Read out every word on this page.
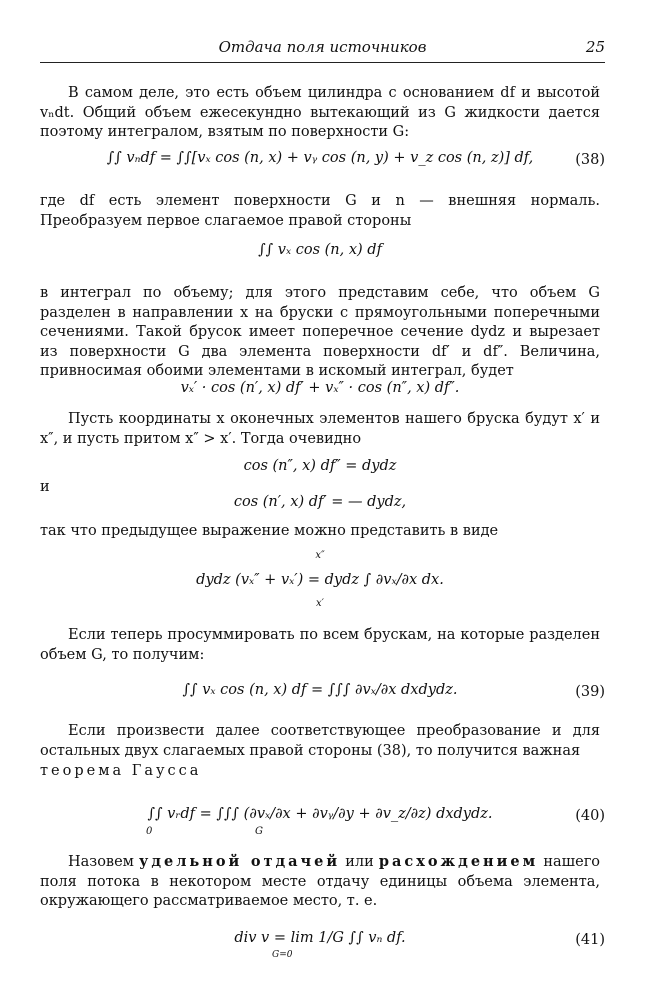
Отдача поля источников	25

В самом деле, это есть объем цилиндра с основанием df и высотой vₙdt. Общий объем ежесекундно вытекающий из G жидкости дается поэтому интегралом, взятым по поверхности G:

∫∫ vₙdf = ∫∫[vₓ cos (n, x) + vᵧ cos (n, y) + v_z cos (n, z)] df,	(38)

где df есть элемент поверхности G и n — внешняя нормаль. Преобразуем первое слагаемое правой стороны

∫∫ vₓ cos (n, x) df

в интеграл по объему; для этого представим себе, что объем G разделен в направлении x на бруски с прямоугольными поперечными сечениями. Такой брусок имеет поперечное сечение dydz и вырезает из поверхности G два элемента поверхности df′ и df″. Величина, привносимая обоими элементами в искомый интеграл, будет

vₓ′ · cos (n′, x) df′ + vₓ″ · cos (n″, x) df″.

Пусть координаты x оконечных элементов нашего бруска будут x′ и x″, и пусть притом x″ > x′. Тогда очевидно

cos (n″, x) df″ = dydz

и

cos (n′, x) df′ = — dydz,

так что предыдущее выражение можно представить в виде

x″
dydz (vₓ″ + vₓ′) = dydz ∫ ∂vₓ/∂x dx.
x′

Если теперь просуммировать по всем брускам, на которые разделен объем G, то получим:

∫∫ vₓ cos (n, x) df = ∫∫∫ ∂vₓ/∂x dxdydz.	(39)

Если произвести далее соответствующее преобразование и для остальных двух слагаемых правой стороны (38), то получится важная

теорема Гаусса

∫∫ vᵣdf = ∫∫∫ (∂vₓ/∂x + ∂vᵧ/∂y + ∂v_z/∂z) dxdydz.	(40)
0	G
Назовем удельной отдачей или расхождением нашего поля потока в некотором месте отдачу единицы объема элемента, окружающего рассматриваемое место, т. е.
div v = lim 1/G ∫∫ vₙ df.
G=0
(41)
